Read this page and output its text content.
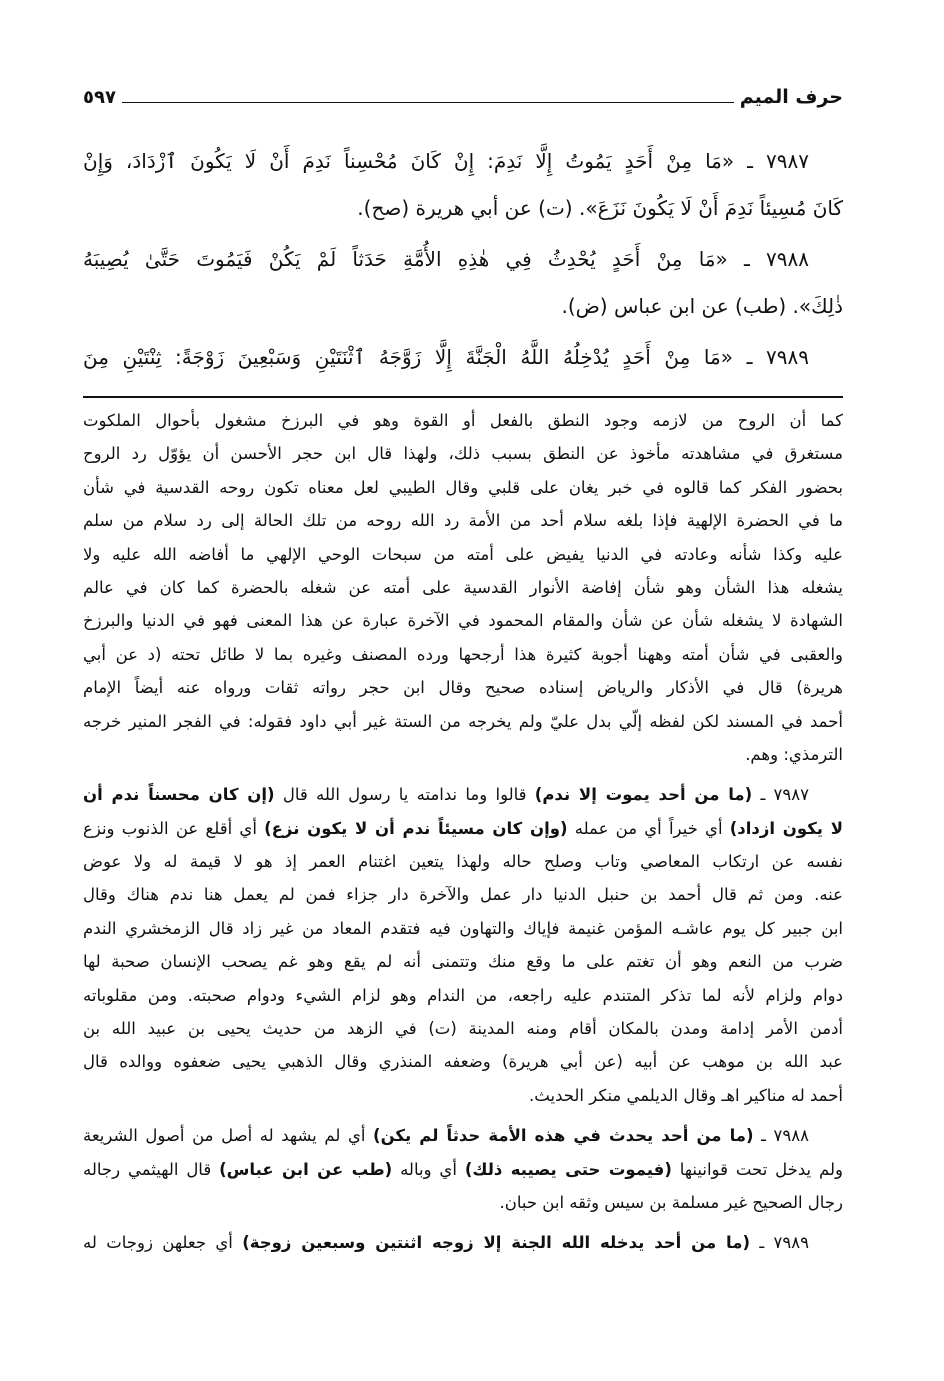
حرف الميم
٥٩٧
٧٩٨٧ ـ «مَا مِنْ أَحَدٍ يَمُوتُ إِلَّا نَدِمَ: إِنْ كَانَ مُحْسِناً نَدِمَ أَنْ لَا يَكُونَ ٱزْدَادَ، وَإِنْ
كَانَ مُسِيئاً نَدِمَ أَنْ لَا يَكُونَ نَزَعَ». (ت) عن أبي هريرة (صح).
٧٩٨٨ ـ «مَا مِنْ أَحَدٍ يُحْدِثُ فِي هٰذِهِ الأُمَّةِ حَدَثاً لَمْ يَكُنْ فَيَمُوتَ حَتَّىٰ يُصِيبَهُ
ذٰلِكَ». (طب) عن ابن عباس (ض).
٧٩٨٩ ـ «مَا مِنْ أَحَدٍ يُدْخِلُهُ اللَّهُ الْجَنَّةَ إِلَّا زَوَّجَهُ ٱثْنَتَيْنِ وَسَبْعِينَ زَوْجَةً: ثِنْتَيْنِ مِنَ
كما أن الروح من لازمه وجود النطق بالفعل أو القوة وهو في البرزخ مشغول بأحوال الملكوت
مستغرق في مشاهدته مأخوذ عن النطق بسبب ذلك، ولهذا قال ابن حجر الأحسن أن يؤوّل رد الروح
بحضور الفكر كما قالوه في خبر يغان على قلبي وقال الطيبي لعل معناه تكون روحه القدسية في شأن
ما في الحضرة الإلهية فإذا بلغه سلام أحد من الأمة رد الله روحه من تلك الحالة إلى رد سلام من سلم
عليه وكذا شأنه وعادته في الدنيا يفيض على أمته من سبحات الوحي الإلهي ما أفاضه الله عليه ولا
يشغله هذا الشأن وهو شأن إفاضة الأنوار القدسية على أمته عن شغله بالحضرة كما كان في عالم
الشهادة لا يشغله شأن عن شأن والمقام المحمود في الآخرة عبارة عن هذا المعنى فهو في الدنيا والبرزخ
والعقبى في شأن أمته وههنا أجوبة كثيرة هذا أرجحها ورده المصنف وغيره بما لا طائل تحته (د عن أبي
هريرة) قال في الأذكار والرياض إسناده صحيح وقال ابن حجر رواته ثقات ورواه عنه أيضاً الإمام
أحمد في المسند لكن لفظه إلّي بدل عليّ ولم يخرجه من الستة غير أبي داود فقوله: في الفجر المنير خرجه
الترمذي: وهم.
٧٩٨٧ ـ (ما من أحد يموت إلا ندم) قالوا وما ندامته يا رسول الله قال (إن كان محسناً ندم أن
لا يكون ازداد) أي خيراً أي من عمله (وإن كان مسيئاً ندم أن لا يكون نزع) أي أقلع عن الذنوب ونزع
نفسه عن ارتكاب المعاصي وتاب وصلح حاله ولهذا يتعين اغتنام العمر إذ هو لا قيمة له ولا عوض
عنه. ومن ثم قال أحمد بن حنبل الدنيا دار عمل والآخرة دار جزاء فمن لم يعمل هنا ندم هناك وقال
ابن جبير كل يوم عاشـه المؤمن غنيمة فإياك والتهاون فيه فتقدم المعاد من غير زاد قال الزمخشري الندم
ضرب من النعم وهو أن تغتم على ما وقع منك وتتمنى أنه لم يقع وهو غم يصحب الإنسان صحبة لها
دوام ولزام لأنه لما تذكر المتندم عليه راجعه، من الندام وهو لزام الشيء ودوام صحبته. ومن مقلوباته
أدمن الأمر إدامة ومدن بالمكان أقام ومنه المدينة (ت) في الزهد من حديث يحيى بن عبيد الله بن
عبد الله بن موهب عن أبيه (عن أبي هريرة) وضعفه المنذري وقال الذهبي يحيى ضعفوه ووالده قال
أحمد له مناكير اهـ وقال الديلمي منكر الحديث.
٧٩٨٨ ـ (ما من أحد يحدث في هذه الأمة حدثاً لم يكن) أي لم يشهد له أصل من أصول الشريعة
ولم يدخل تحت قوانينها (فيموت حتى يصيبه ذلك) أي وباله (طب عن ابن عباس) قال الهيثمي رجاله
رجال الصحيح غير مسلمة بن سيس وثقه ابن حبان.
٧٩٨٩ ـ (ما من أحد يدخله الله الجنة إلا زوجه اثنتين وسبعين زوجة) أي جعلهن زوجات له
